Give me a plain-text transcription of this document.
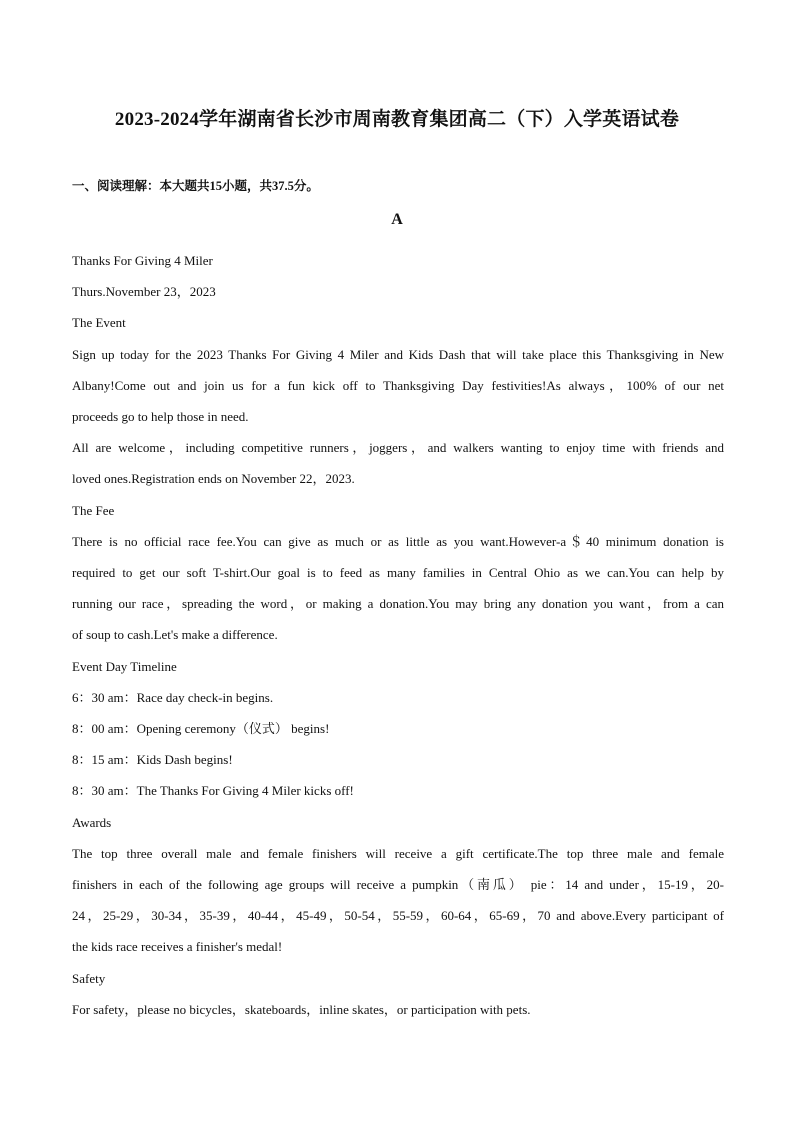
2023-2024学年湖南省长沙市周南教育集团高二（下）入学英语试卷
一、阅读理解：本大题共15小题，共37.5分。
A
Thanks For Giving 4 Miler
Thurs.November 23，2023
The Event
Sign up today for the 2023 Thanks For Giving 4 Miler and Kids Dash that will take place this Thanksgiving in New
Albany!Come out and join us for a fun kick off to Thanksgiving Day festivities!As always，100% of our net
proceeds go to help those in need.
All are welcome，including competitive runners，joggers，and walkers wanting to enjoy time with friends and
loved ones.Registration ends on November 22，2023.
The Fee
There is no official race fee.You can give as much or as little as you want.However-a＄40 minimum donation is
required to get our soft T-shirt.Our goal is to feed as many families in Central Ohio as we can.You can help by
running our race，spreading the word，or making a donation.You may bring any donation you want，from a can
of soup to cash.Let's make a difference.
Event Day Timeline
6：30 am：Race day check-in begins.
8：00 am：Opening ceremony（仪式） begins!
8：15 am：Kids Dash begins!
8：30 am：The Thanks For Giving 4 Miler kicks off!
Awards
The top three overall male and female finishers will receive a gift certificate.The top three male and female
finishers in each of the following age groups will receive a pumpkin（南瓜） pie：14 and under，15-19，20-
24，25-29，30-34，35-39，40-44，45-49，50-54，55-59，60-64，65-69，70 and above.Every participant of
the kids race receives a finisher's medal!
Safety
For safety，please no bicycles，skateboards，inline skates，or participation with pets.
